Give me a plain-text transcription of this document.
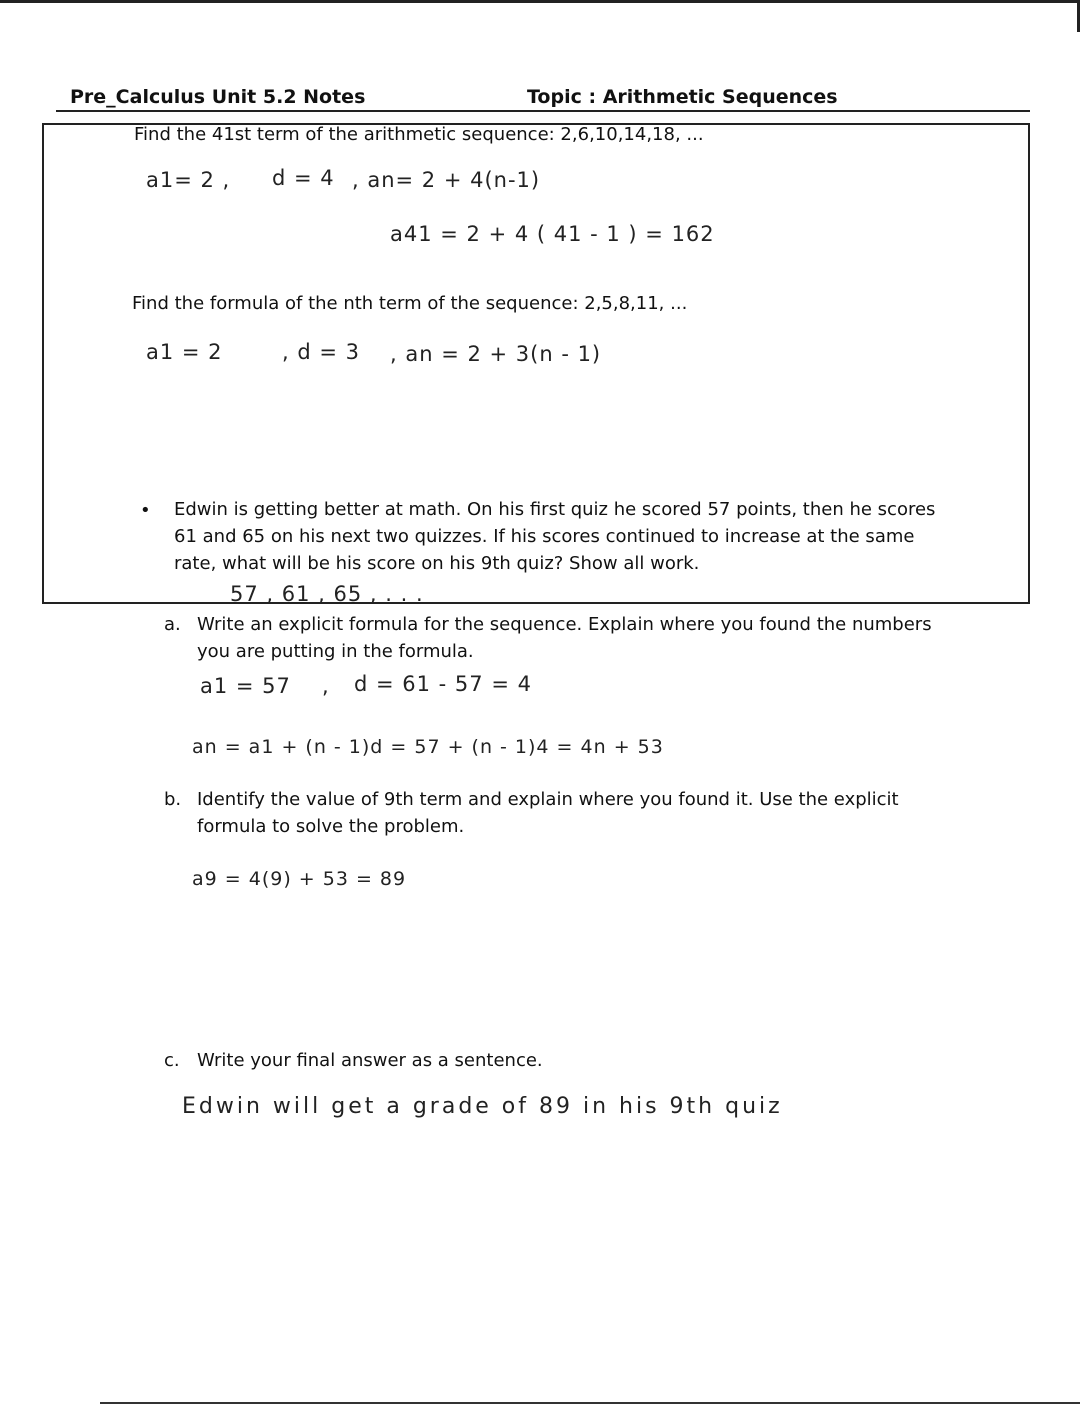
Pre_Calculus Unit 5.2 Notes	Topic : Arithmetic Sequences
Find the 41st term of the arithmetic sequence: 2,6,10,14,18, ...
a1= 2 , d = 4 , an= 2 + 4(n-1)
a41 = 2 + 4 ( 41 - 1 ) = 162
Find the formula of the nth term of the sequence: 2,5,8,11, ...
a1 = 2	, d = 3 , an = 2 + 3(n - 1)
• Edwin is getting better at math. On his first quiz he scored 57 points, then he scores

61 and 65 on his next two quizzes. If his scores continued to increase at the same

rate, what will be his score on his 9th quiz? Show all work.

57 , 61 , 65 , . . .
a. Write an explicit formula for the sequence. Explain where you found the numbers

you are putting in the formula.

a1 = 57 , d = 61 - 57 = 4
an = a1 + (n - 1)d = 57 + (n - 1)4 = 4n + 53
b. Identify the value of 9th term and explain where you found it. Use the explicit

formula to solve the problem.

a9 = 4(9) + 53 = 89
c. Write your final answer as a sentence.

Edwin will get a grade of 89 in his 9th quiz
